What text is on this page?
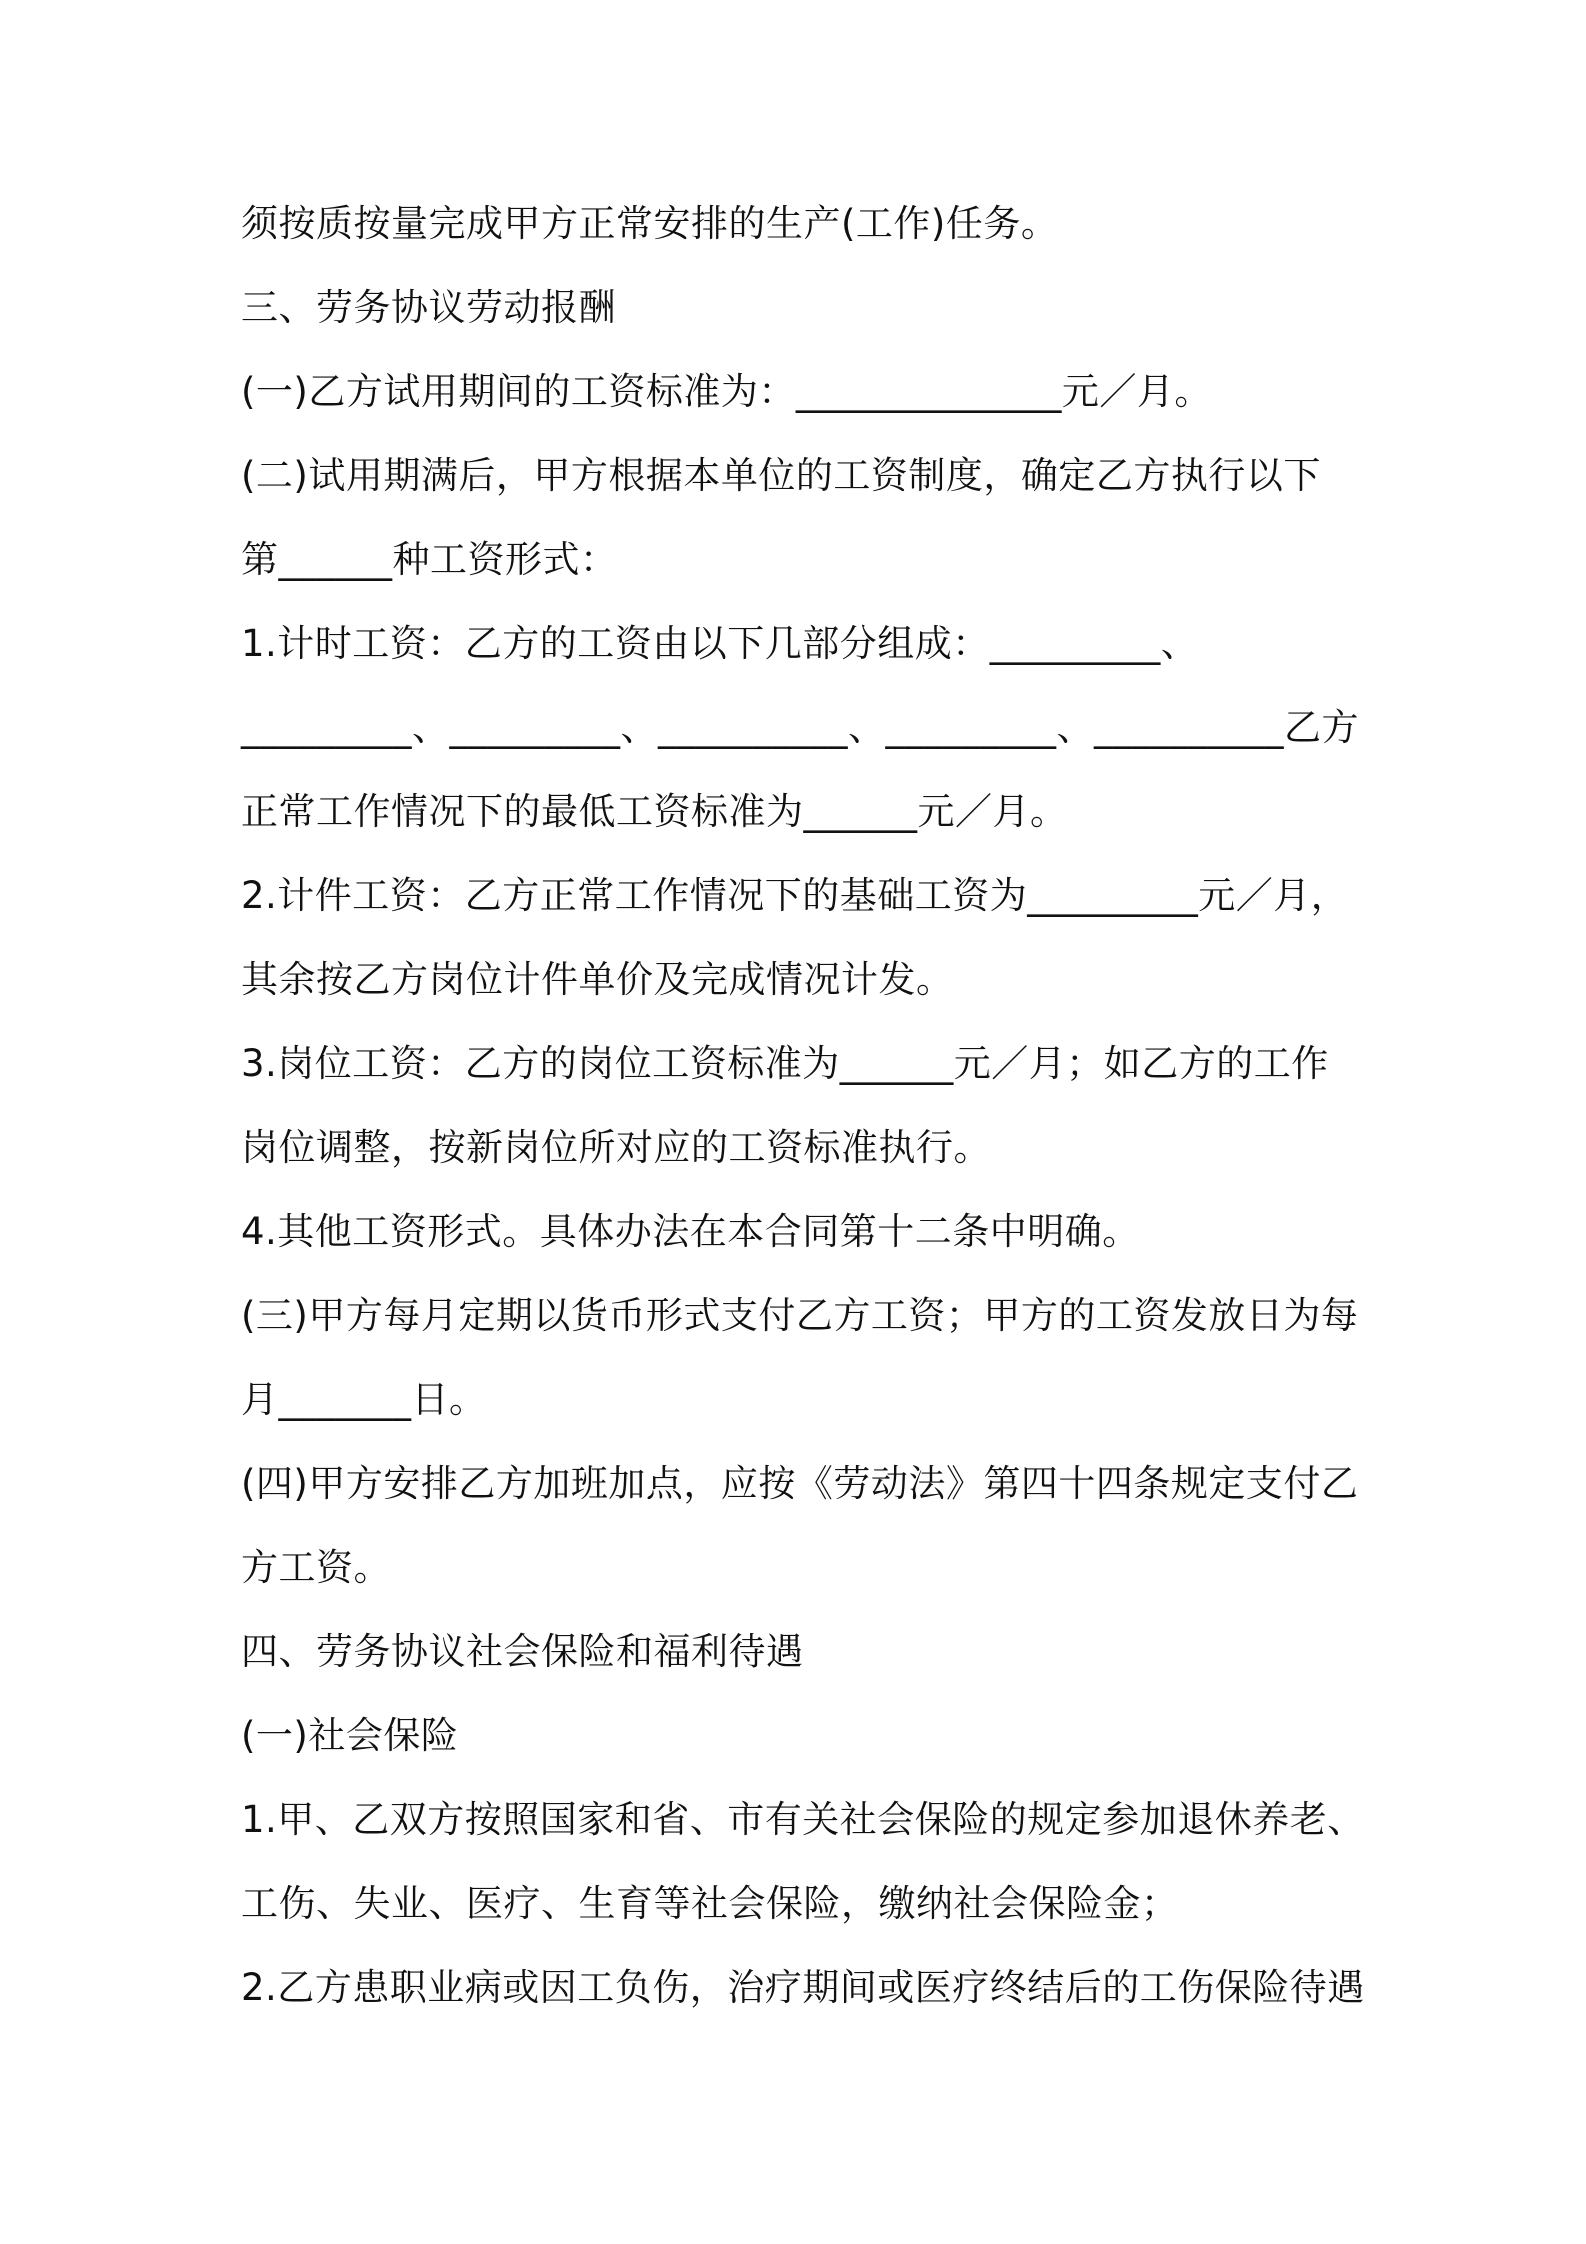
须按质按量完成甲方正常安排的生产(工作)任务。
三、劳务协议劳动报酬
(一)乙方试用期间的工资标准为：______________元／月。
(二)试用期满后，甲方根据本单位的工资制度，确定乙方执行以下
第______种工资形式：
1.计时工资：乙方的工资由以下几部分组成：_________、
_________、_________、__________、_________、__________乙方
正常工作情况下的最低工资标准为______元／月。
2.计件工资：乙方正常工作情况下的基础工资为_________元／月，
其余按乙方岗位计件单价及完成情况计发。
3.岗位工资：乙方的岗位工资标准为______元／月；如乙方的工作
岗位调整，按新岗位所对应的工资标准执行。
4.其他工资形式。具体办法在本合同第十二条中明确。
(三)甲方每月定期以货币形式支付乙方工资；甲方的工资发放日为每
月_______日。
(四)甲方安排乙方加班加点，应按《劳动法》第四十四条规定支付乙
方工资。
四、劳务协议社会保险和福利待遇
(一)社会保险
1.甲、乙双方按照国家和省、市有关社会保险的规定参加退休养老、
工伤、失业、医疗、生育等社会保险，缴纳社会保险金；
2.乙方患职业病或因工负伤，治疗期间或医疗终结后的工伤保险待遇
